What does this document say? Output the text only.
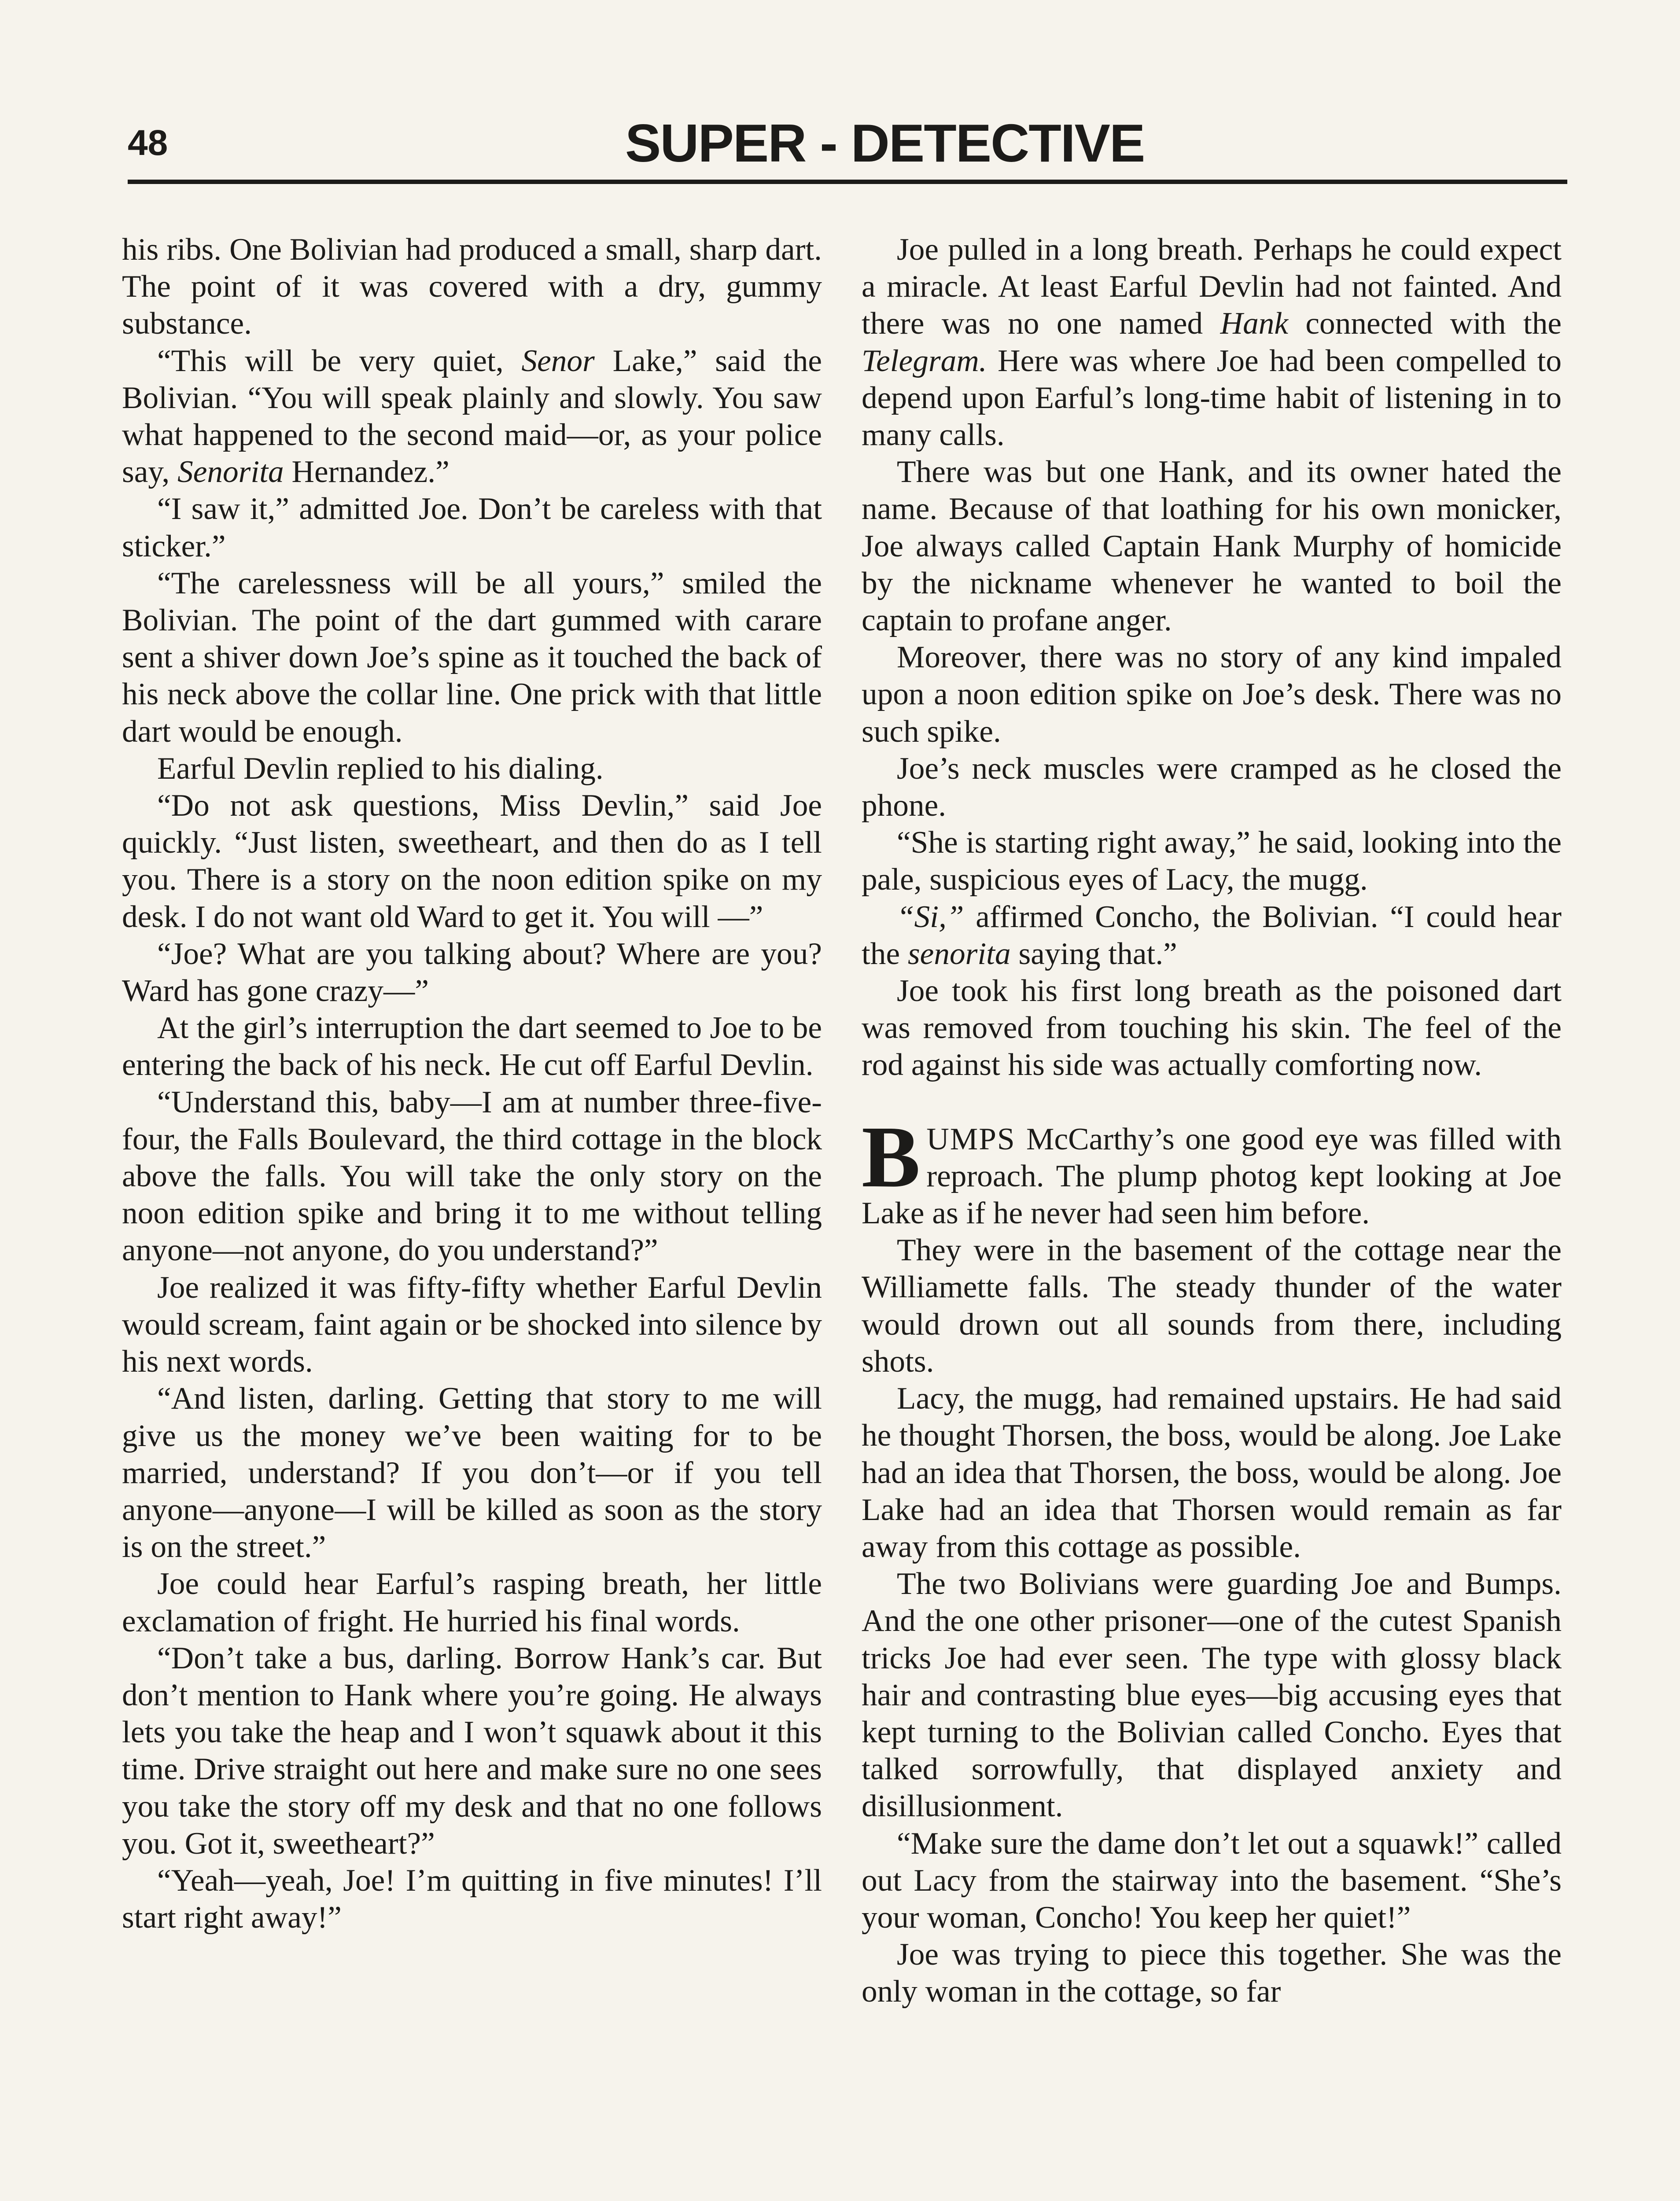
48	SUPER - DETECTIVE

his ribs. One Bolivian had produced a small, sharp dart. The point of it was covered with a dry, gummy substance.

“This will be very quiet, Senor Lake,” said the Bolivian. “You will speak plainly and slowly. You saw what happened to the second maid—or, as your police say, Senorita Hernandez.”

“I saw it,” admitted Joe. Don’t be careless with that sticker.”

“The carelessness will be all yours,” smiled the Bolivian. The point of the dart gummed with carare sent a shiver down Joe’s spine as it touched the back of his neck above the collar line. One prick with that little dart would be enough.

Earful Devlin replied to his dialing.

“Do not ask questions, Miss Devlin,” said Joe quickly. “Just listen, sweetheart, and then do as I tell you. There is a story on the noon edition spike on my desk. I do not want old Ward to get it. You will —”

“Joe? What are you talking about? Where are you? Ward has gone crazy—”

At the girl’s interruption the dart seemed to Joe to be entering the back of his neck. He cut off Earful Devlin.

“Understand this, baby—I am at number three-five-four, the Falls Boulevard, the third cottage in the block above the falls. You will take the only story on the noon edition spike and bring it to me without telling anyone—not anyone, do you understand?”

Joe realized it was fifty-fifty whether Earful Devlin would scream, faint again or be shocked into silence by his next words.

“And listen, darling. Getting that story to me will give us the money we’ve been waiting for to be married, understand? If you don’t—or if you tell anyone—anyone—I will be killed as soon as the story is on the street.”

Joe could hear Earful’s rasping breath, her little exclamation of fright. He hurried his final words.

“Don’t take a bus, darling. Borrow Hank’s car. But don’t mention to Hank where you’re going. He always lets you take the heap and I won’t squawk about it this time. Drive straight out here and make sure no one sees you take the story off my desk and that no one follows you. Got it, sweetheart?”

“Yeah—yeah, Joe! I’m quitting in five minutes! I’ll start right away!”

Joe pulled in a long breath. Perhaps he could expect a miracle. At least Earful Devlin had not fainted. And there was no one named Hank connected with the Telegram. Here was where Joe had been compelled to depend upon Earful’s long-time habit of listening in to many calls.

There was but one Hank, and its owner hated the name. Because of that loathing for his own monicker, Joe always called Captain Hank Murphy of homicide by the nickname whenever he wanted to boil the captain to profane anger.

Moreover, there was no story of any kind impaled upon a noon edition spike on Joe’s desk. There was no such spike.

Joe’s neck muscles were cramped as he closed the phone.

“She is starting right away,” he said, looking into the pale, suspicious eyes of Lacy, the mugg.

“Si,” affirmed Concho, the Bolivian. “I could hear the senorita saying that.”

Joe took his first long breath as the poisoned dart was removed from touching his skin. The feel of the rod against his side was actually comforting now.

BUMPS McCarthy’s one good eye was filled with reproach. The plump photog kept looking at Joe Lake as if he never had seen him before.

They were in the basement of the cottage near the Williamette falls. The steady thunder of the water would drown out all sounds from there, including shots.

Lacy, the mugg, had remained upstairs. He had said he thought Thorsen, the boss, would be along. Joe Lake had an idea that Thorsen, the boss, would be along. Joe Lake had an idea that Thorsen would remain as far away from this cottage as possible.

The two Bolivians were guarding Joe and Bumps. And the one other prisoner—one of the cutest Spanish tricks Joe had ever seen. The type with glossy black hair and contrasting blue eyes—big accusing eyes that kept turning to the Bolivian called Concho. Eyes that talked sorrowfully, that displayed anxiety and disillusionment.

“Make sure the dame don’t let out a squawk!” called out Lacy from the stairway into the basement. “She’s your woman, Concho! You keep her quiet!”

Joe was trying to piece this together. She was the only woman in the cottage, so far
